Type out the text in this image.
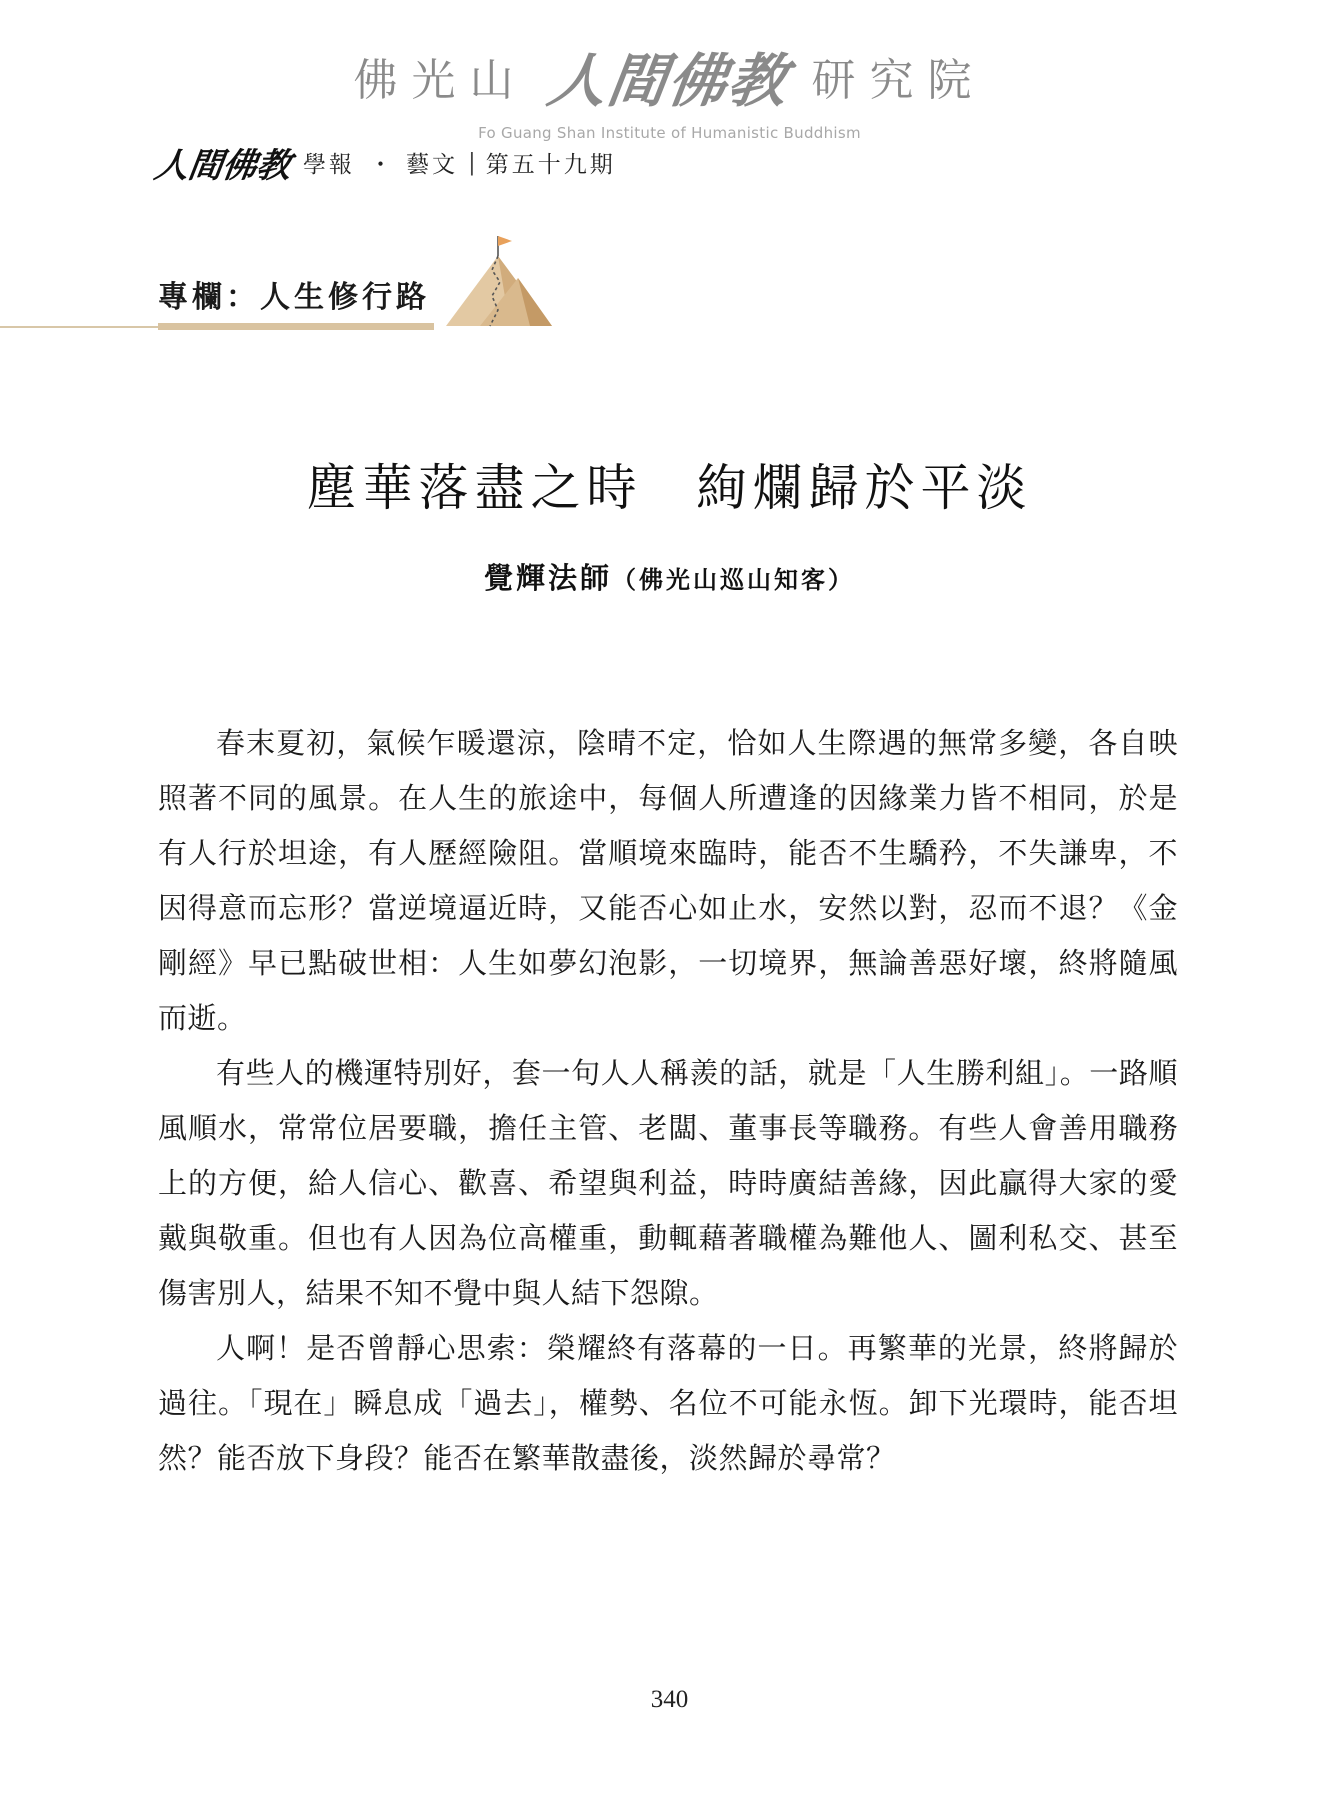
佛光山 人間佛教 研究院
Fo Guang Shan Institute of Humanistic Buddhism
人間佛教 學報 ・ 藝文 | 第五十九期
專欄：人生修行路
塵華落盡之時 絢爛歸於平淡
覺輝法師（佛光山巡山知客）

春末夏初，氣候乍暖還涼，陰晴不定，恰如人生際遇的無常多變，各自映照著不同的風景。在人生的旅途中，每個人所遭逢的因緣業力皆不相同，於是有人行於坦途，有人歷經險阻。當順境來臨時，能否不生驕矜，不失謙卑，不因得意而忘形？當逆境逼近時，又能否心如止水，安然以對，忍而不退？《金剛經》早已點破世相：人生如夢幻泡影，一切境界，無論善惡好壞，終將隨風而逝。

有些人的機運特別好，套一句人人稱羨的話，就是「人生勝利組」。一路順風順水，常常位居要職，擔任主管、老闆、董事長等職務。有些人會善用職務上的方便，給人信心、歡喜、希望與利益，時時廣結善緣，因此贏得大家的愛戴與敬重。但也有人因為位高權重，動輒藉著職權為難他人、圖利私交、甚至傷害別人，結果不知不覺中與人結下怨隙。

人啊！是否曾靜心思索：榮耀終有落幕的一日。再繁華的光景，終將歸於過往。「現在」瞬息成「過去」，權勢、名位不可能永恆。卸下光環時，能否坦然？能否放下身段？能否在繁華散盡後，淡然歸於尋常？

340
